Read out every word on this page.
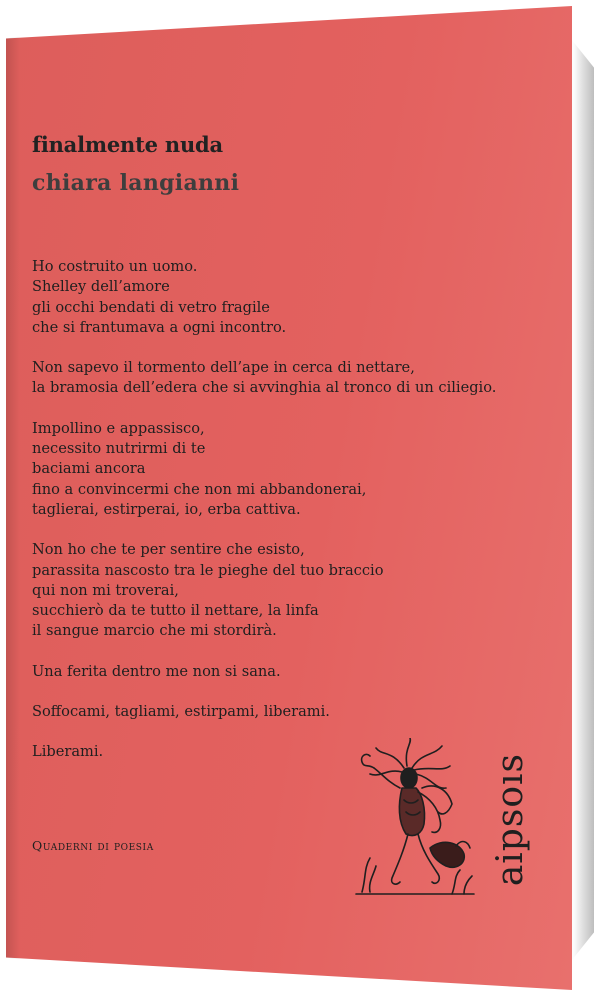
finalmente nuda
chiara langianni

Ho costruito un uomo.
Shelley dell’amore
gli occhi bendati di vetro fragile
che si frantumava a ogni incontro.

Non sapevo il tormento dell’ape in cerca di nettare,
la bramosia dell’edera che si avvinghia al tronco di un ciliegio.

Impollino e appassisco,
necessito nutrirmi di te
baciami ancora
fino a convincermi che non mi abbandonerai,
taglierai, estirperai, io, erba cattiva.

Non ho che te per sentire che esisto,
parassita nascosto tra le pieghe del tuo braccio
qui non mi troverai,
succhierò da te tutto il nettare, la linfa
il sangue marcio che mi stordirà.

Una ferita dentro me non si sana.

Soffocami, tagliami, estirpami, liberami.

Liberami.

Quaderni di poesia	aipsoıs
